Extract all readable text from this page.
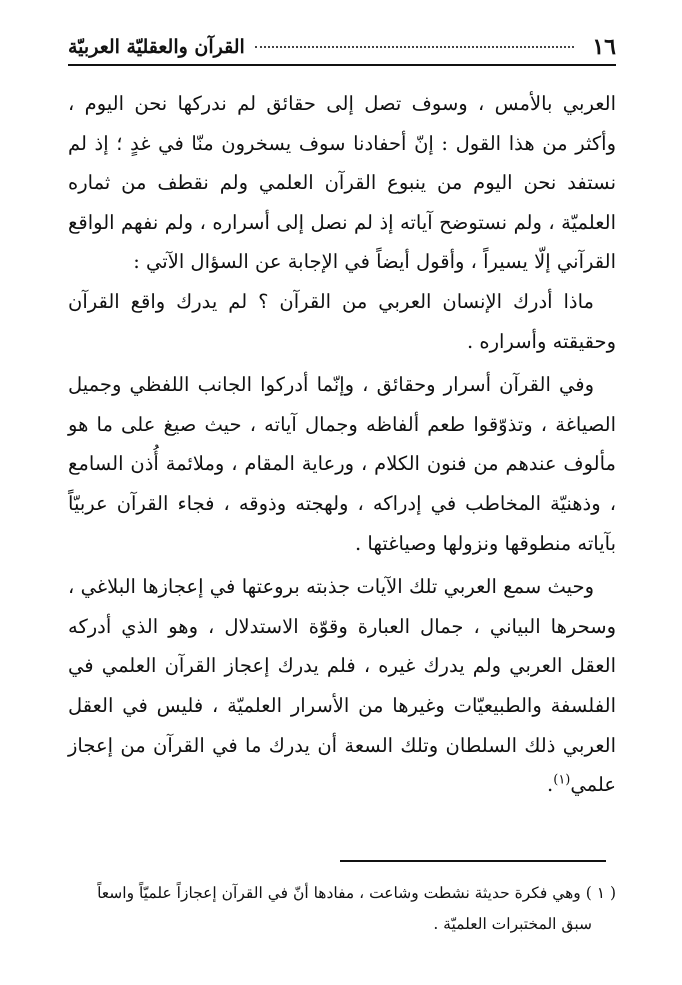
١٦
القرآن والعقليّة العربيّة

العربي بالأمس ، وسوف تصل إلى حقائق لم ندركها نحن اليوم ، وأكثر من هذا القول : إنّ أحفادنا سوف يسخرون منّا في غدٍ ؛ إذ لم نستفد نحن اليوم من ينبوع القرآن العلمي ولم نقطف من ثماره العلميّة ، ولم نستوضح آياته إذ لم نصل إلى أسراره ، ولم نفهم الواقع القرآني إلّا يسيراً ، وأقول أيضاً في الإجابة عن السؤال الآتي :

ماذا أدرك الإنسان العربي من القرآن ؟ لم يدرك واقع القرآن وحقيقته وأسراره .

وفي القرآن أسرار وحقائق ، وإنّما أدركوا الجانب اللفظي وجميل الصياغة ، وتذوّقوا طعم ألفاظه وجمال آياته ، حيث صيغ على ما هو مألوف عندهم من فنون الكلام ، ورعاية المقام ، وملائمة أُذن السامع ، وذهنيّة المخاطب في إدراكه ، ولهجته وذوقه ، فجاء القرآن عربيّاً بآياته منطوقها ونزولها وصياغتها .

وحيث سمع العربي تلك الآيات جذبته بروعتها في إعجازها البلاغي ، وسحرها البياني ، جمال العبارة وقوّة الاستدلال ، وهو الذي أدركه العقل العربي ولم يدرك غيره ، فلم يدرك إعجاز القرآن العلمي في الفلسفة والطبيعيّات وغيرها من الأسرار العلميّة ، فليس في العقل العربي ذلك السلطان وتلك السعة أن يدرك ما في القرآن من إعجاز علمي$^{(١)}$.

( ١ ) وهي فكرة حديثة نشطت وشاعت ، مفادها أنّ في القرآن إعجازاً علميّاً واسعاً

سبق المختبرات العلميّة .
